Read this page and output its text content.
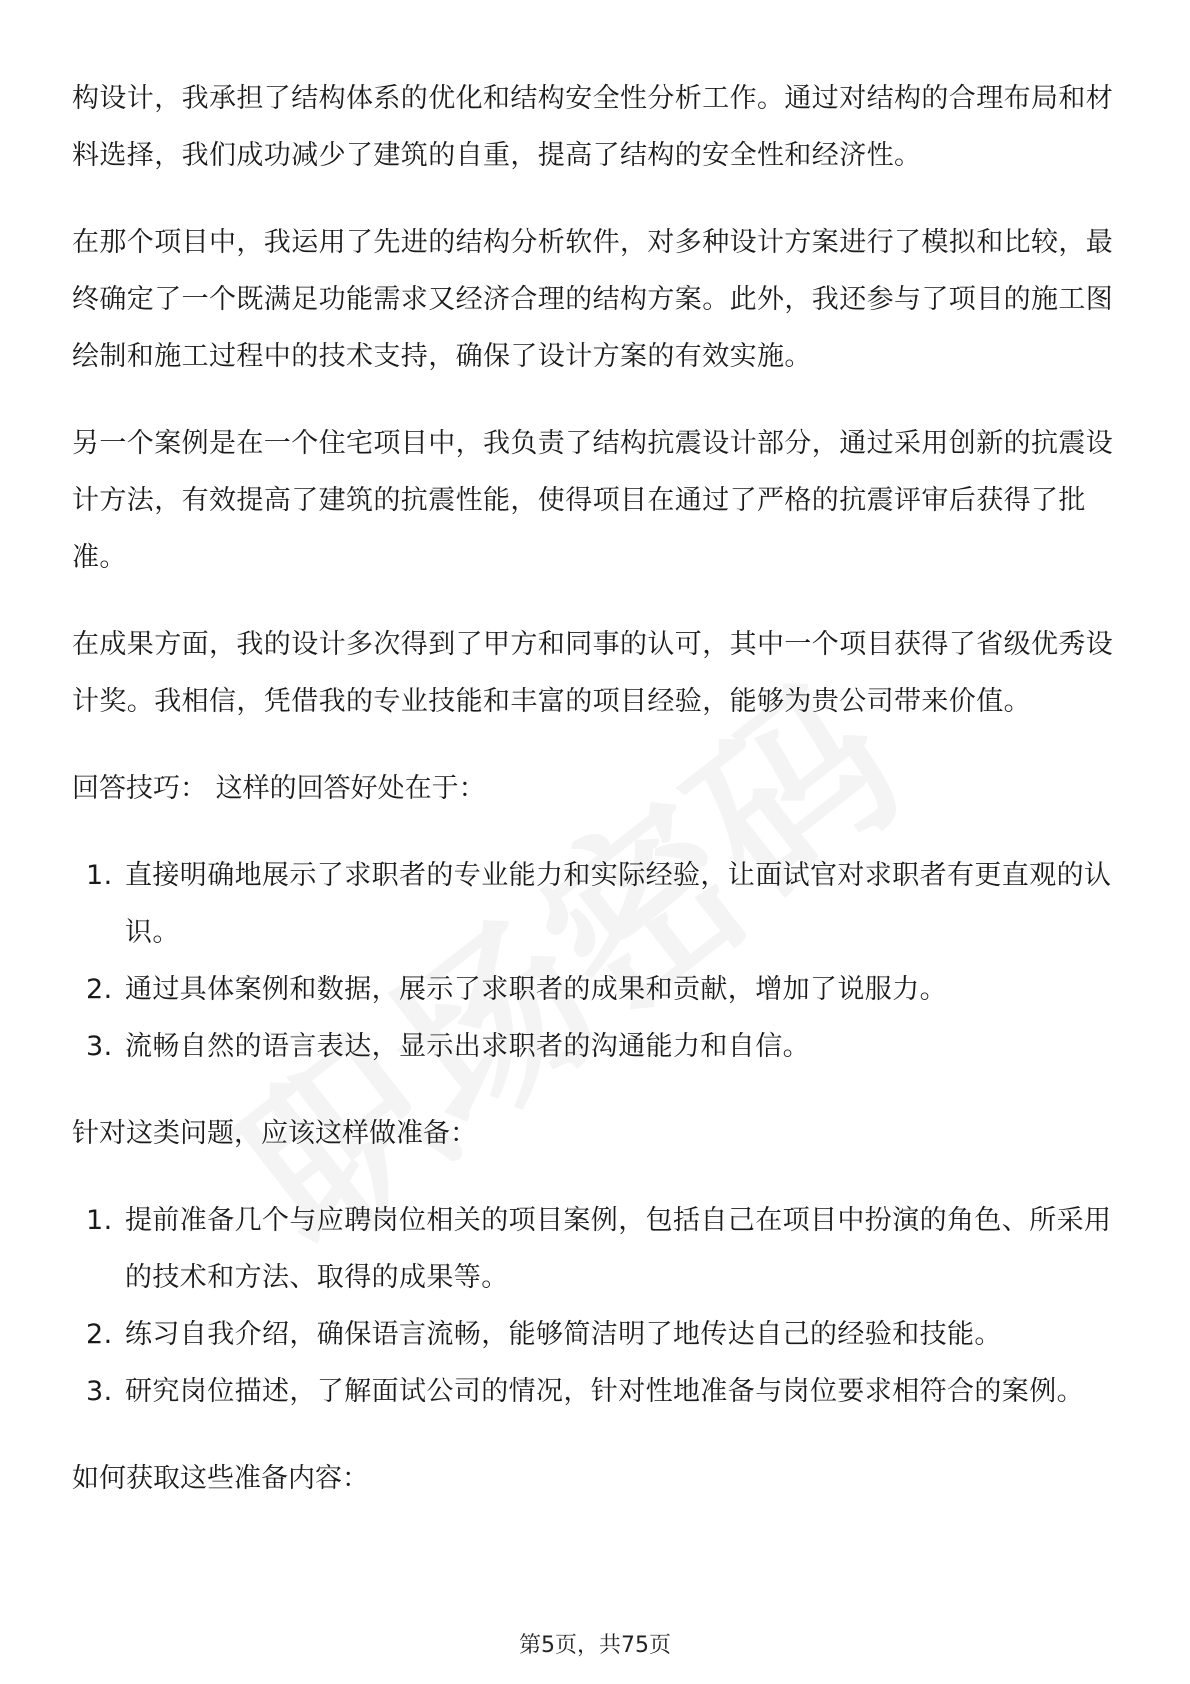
构设计，我承担了结构体系的优化和结构安全性分析工作。通过对结构的合理布局和材料选择，我们成功减少了建筑的自重，提高了结构的安全性和经济性。

在那个项目中，我运用了先进的结构分析软件，对多种设计方案进行了模拟和比较，最终确定了一个既满足功能需求又经济合理的结构方案。此外，我还参与了项目的施工图绘制和施工过程中的技术支持，确保了设计方案的有效实施。

另一个案例是在一个住宅项目中，我负责了结构抗震设计部分，通过采用创新的抗震设计方法，有效提高了建筑的抗震性能，使得项目在通过了严格的抗震评审后获得了批准。

在成果方面，我的设计多次得到了甲方和同事的认可，其中一个项目获得了省级优秀设计奖。我相信，凭借我的专业技能和丰富的项目经验，能够为贵公司带来价值。

回答技巧： 这样的回答好处在于：

1. 直接明确地展示了求职者的专业能力和实际经验，让面试官对求职者有更直观的认识。
2. 通过具体案例和数据，展示了求职者的成果和贡献，增加了说服力。
3. 流畅自然的语言表达，显示出求职者的沟通能力和自信。

针对这类问题，应该这样做准备：

1. 提前准备几个与应聘岗位相关的项目案例，包括自己在项目中扮演的角色、所采用的技术和方法、取得的成果等。
2. 练习自我介绍，确保语言流畅，能够简洁明了地传达自己的经验和技能。
3. 研究岗位描述，了解面试公司的情况，针对性地准备与岗位要求相符合的案例。

如何获取这些准备内容：

第5页，共75页
